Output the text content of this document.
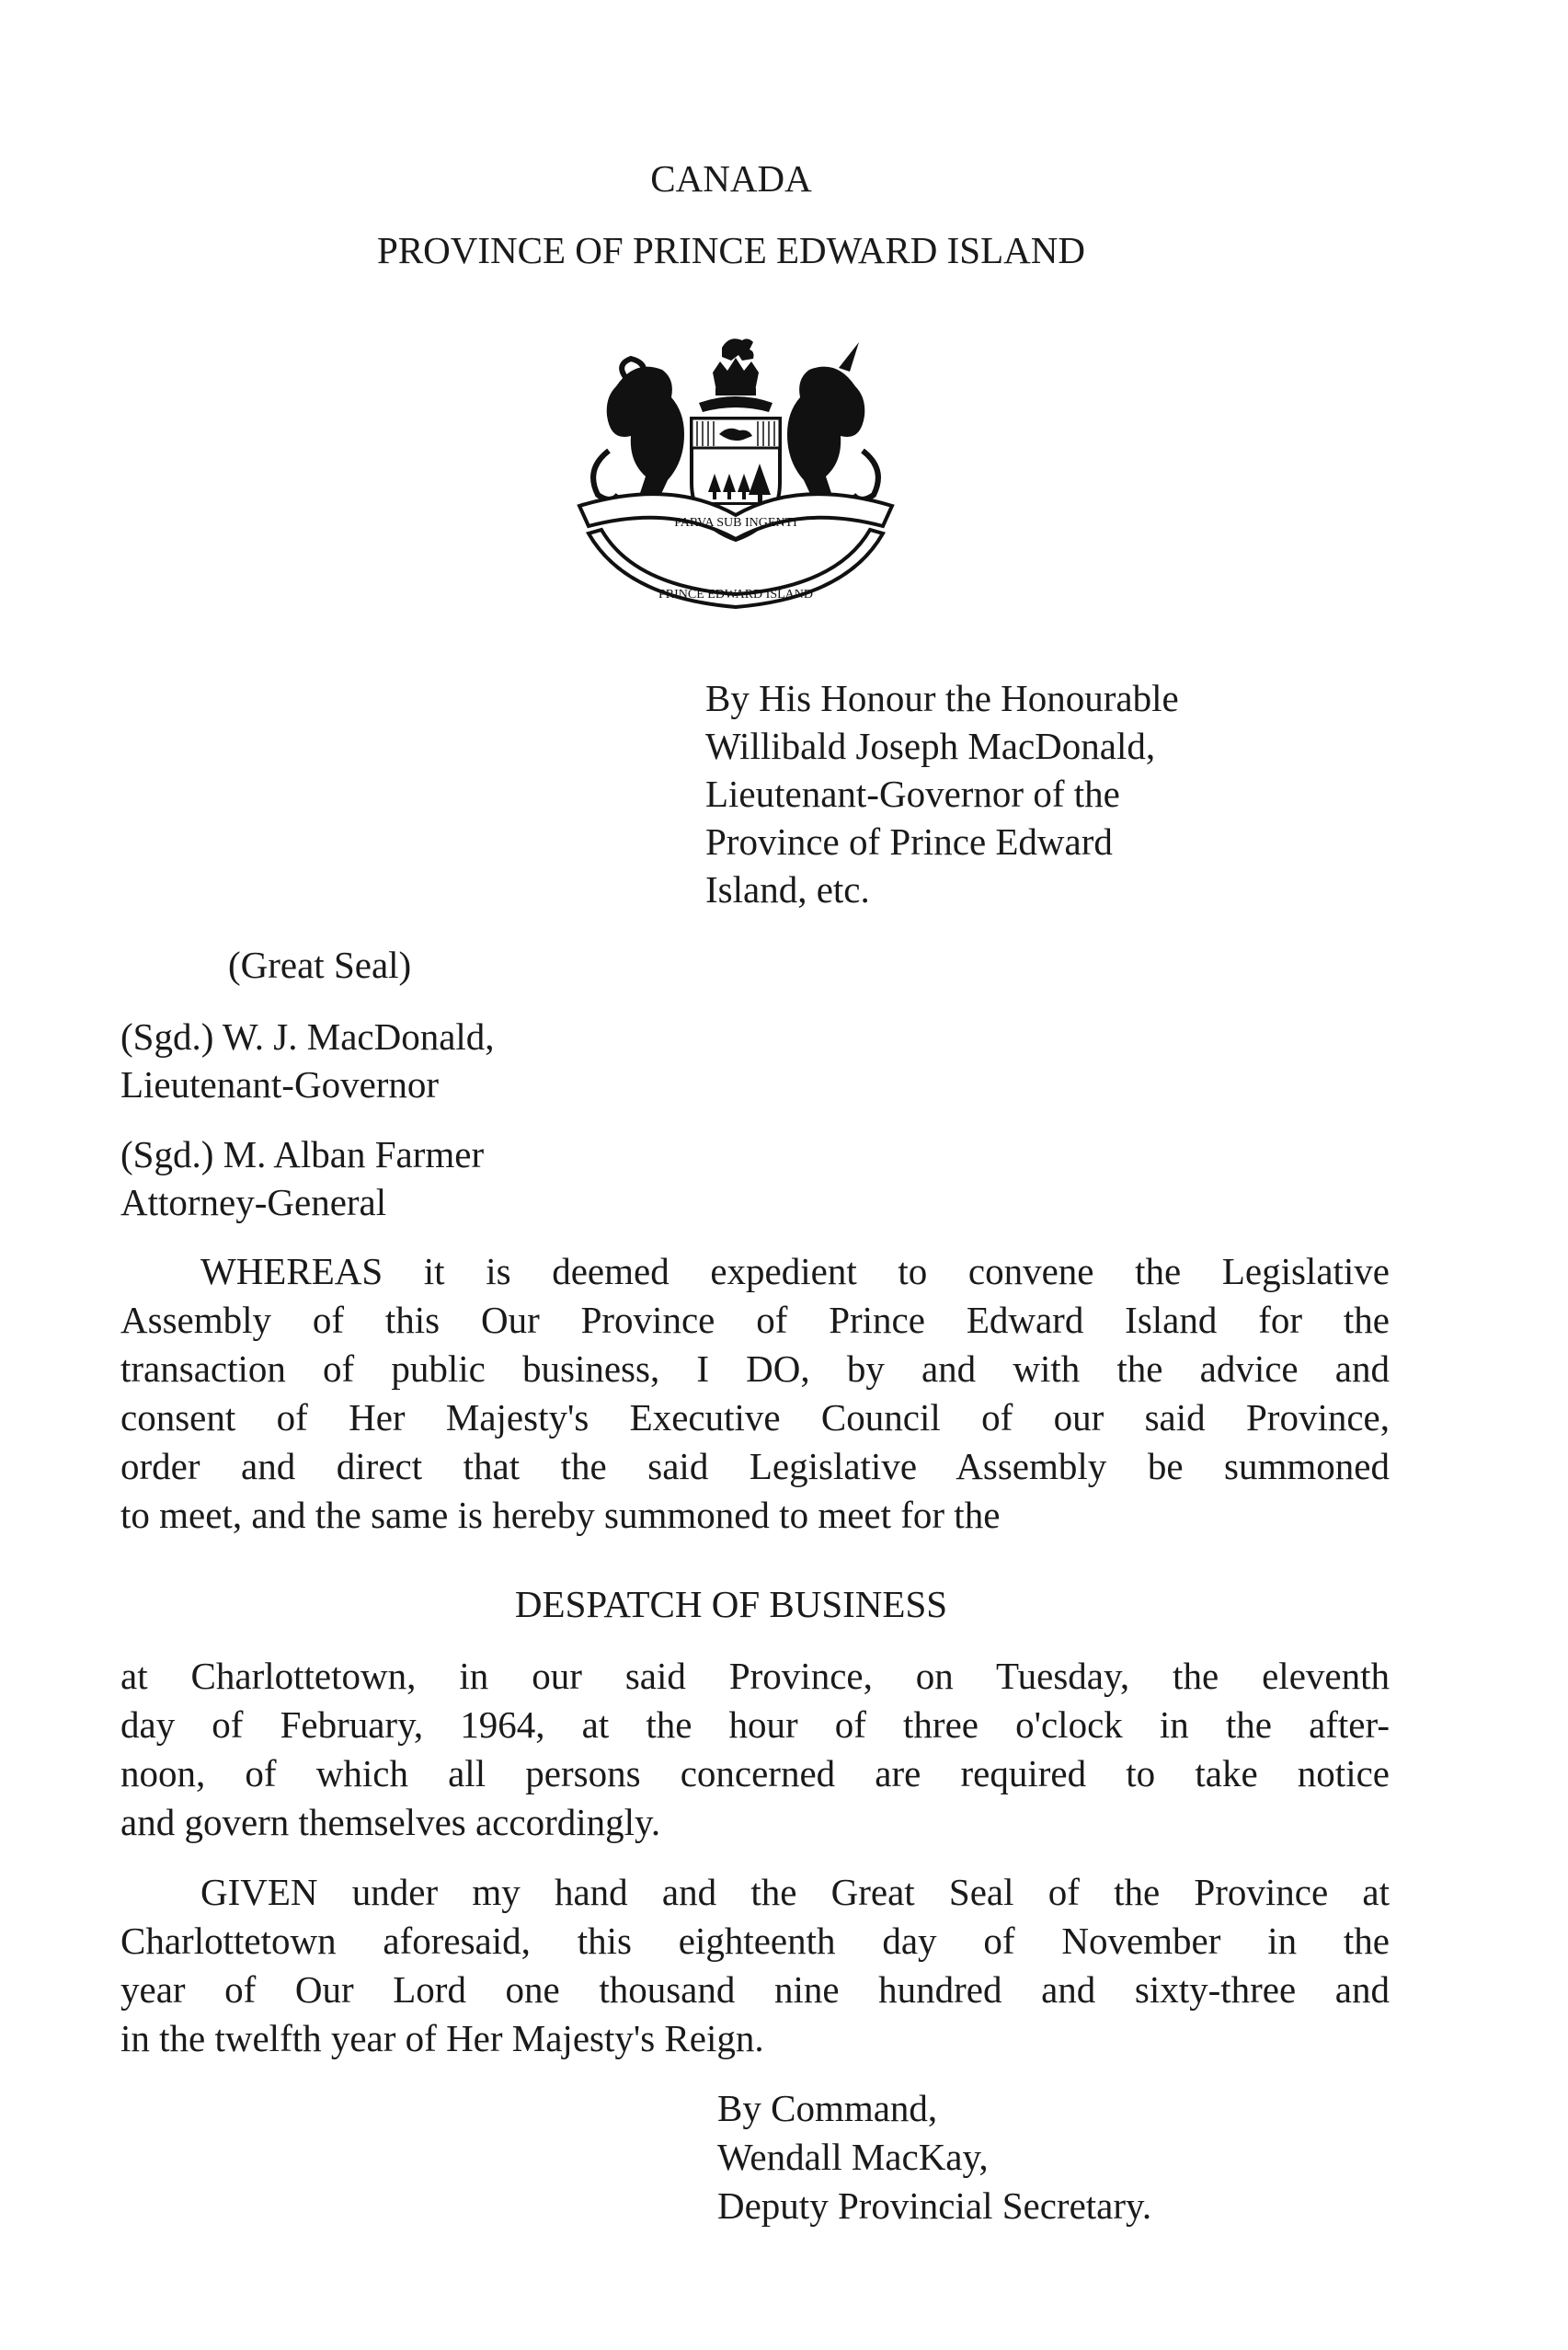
CANADA
PROVINCE OF PRINCE EDWARD ISLAND
PARVA SUB INGENTI
PRINCE EDWARD ISLAND
By His Honour the Honourable
Willibald Joseph MacDonald,
Lieutenant-Governor of the
Province of Prince Edward
Island, etc.
(Great Seal)
(Sgd.) W. J. MacDonald,
Lieutenant-Governor
(Sgd.) M. Alban Farmer
Attorney-General
WHEREAS it is deemed expedient to convene the Legislative
Assembly of this Our Province of Prince Edward Island for the
transaction of public business, I DO, by and with the advice and
consent of Her Majesty's Executive Council of our said Province,
order and direct that the said Legislative Assembly be summoned
to meet, and the same is hereby summoned to meet for the
DESPATCH OF BUSINESS
at Charlottetown, in our said Province, on Tuesday, the eleventh
day of February, 1964, at the hour of three o'clock in the after-
noon, of which all persons concerned are required to take notice
and govern themselves accordingly.
GIVEN under my hand and the Great Seal of the Province at
Charlottetown aforesaid, this eighteenth day of November in the
year of Our Lord one thousand nine hundred and sixty-three and
in the twelfth year of Her Majesty's Reign.
By Command,
Wendall MacKay,
Deputy Provincial Secretary.
